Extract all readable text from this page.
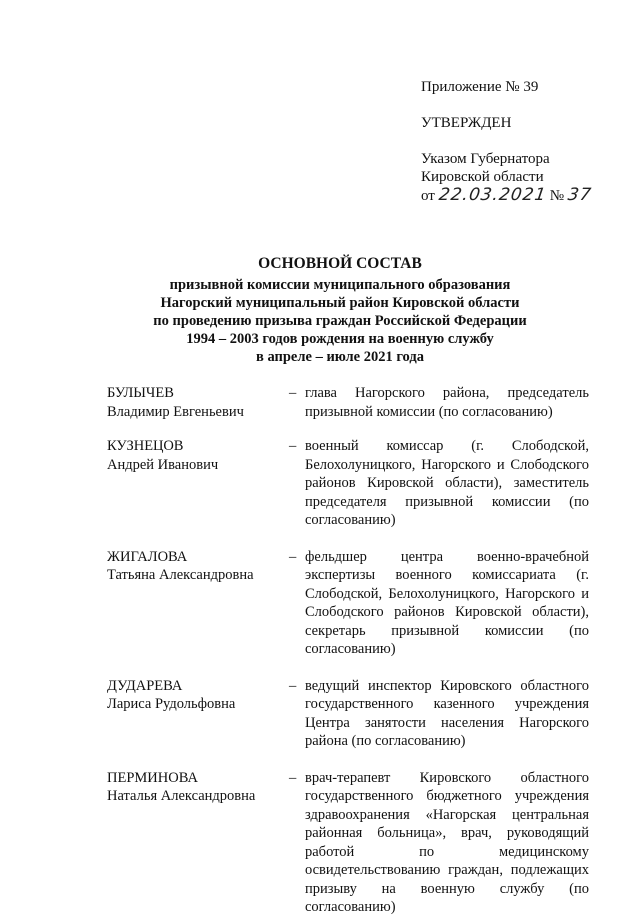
Приложение № 39
УТВЕРЖДЕН
Указом Губернатора
Кировской области
от 22.03.2021 № 37
ОСНОВНОЙ СОСТАВ
призывной комиссии муниципального образования
Нагорский муниципальный район Кировской области
по проведению призыва граждан Российской Федерации
1994 – 2003 годов рождения на военную службу
в апреле – июле 2021 года
БУЛЫЧЕВ
Владимир Евгеньевич
– глава Нагорского района, председатель призывной комиссии (по согласованию)
КУЗНЕЦОВ
Андрей Иванович
– военный комиссар (г. Слободской, Белохолуницкого, Нагорского и Слободского районов Кировской области), заместитель председателя призывной комиссии (по согласованию)
ЖИГАЛОВА
Татьяна Александровна
– фельдшер центра военно-врачебной экспертизы военного комиссариата (г. Слободской, Белохолуницкого, Нагорского и Слободского районов Кировской области), секретарь призывной комиссии (по согласованию)
ДУДАРЕВА
Лариса Рудольфовна
– ведущий инспектор Кировского областного государственного казенного учреждения Центра занятости населения Нагорского района (по согласованию)
ПЕРМИНОВА
Наталья Александровна
– врач-терапевт Кировского областного государственного бюджетного учреждения здравоохранения «Нагорская центральная районная больница», врач, руководящий работой по медицинскому освидетельствованию граждан, подлежащих призыву на военную службу (по согласованию)
